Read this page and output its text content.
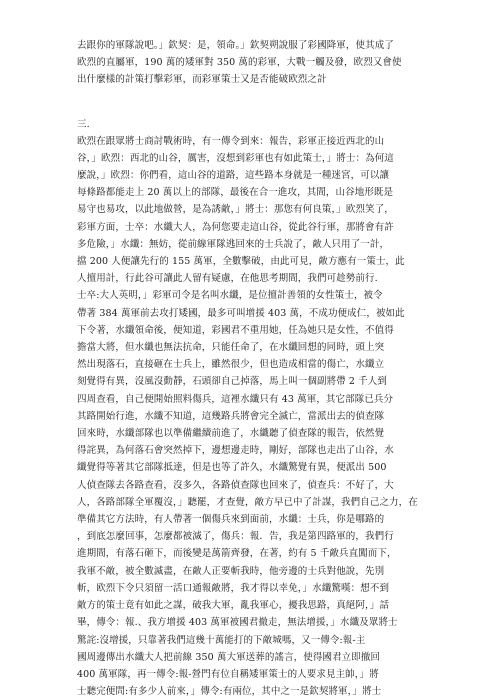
去跟你的軍隊說吧。」欽契：是，領命。」欽契朔說服了彩國降軍，使其成了
欧烈的直屬軍，190 萬的矮軍對 350 萬的彩軍，大戰一觸及發，欧烈又會使
出什麼樣的計策打擊彩軍，而彩軍策士又是否能破欧烈之計

三.

欧烈在跟眾將士商討戰術時，有一傳令到來：報告，彩軍正接近西北的山
谷，」欧烈：西北的山谷，厲害，沒想到彩軍也有如此策士，」將士：為何這
麼說，」欧烈：你們看，這山谷的道路，這些路本身就是一種迷宮，可以讓
每條路都能走上 20 萬以上的部隊，最後在合一進攻，其間，山谷地形既是
易守也易攻，以此地做營，是為誘敵，」將士：那您有何良策，」欧烈笑了，
彩軍方面，士卒：水纖大人，為何您要走這山谷，從此谷行軍，那將會有許
多危險，」水纖：無妨，從前線軍隊逃回來的士兵說了，敵人只用了一計，
擋 200 人便讓先行的 155 萬軍，全數擊破，由此可見，敵方應有一策士，此
人擅用計，行此谷可讓此人留有疑慮，在他思考期間，我們可趁勢前行.
士卒:大人英明，」彩軍司令是名叫水纖，是位擅計善領的女性策士，被令
帶著 384 萬軍前去攻打矮國，最多可叫增援 403 萬，不成功便成仁，被如此
下令著，水纖領命後，便知道，彩國君不重用她，任為她只是女性，不值得
擔當大將，但水纖也無法抗命，只能任命了，在水纖回想的同時，頭上突
然出現落石，直接砸在士兵上，雖然很少，但也造成相當的傷亡，水纖立
刻覺得有異，沒風沒動靜，石頭卻自己掉落，馬上叫一個副將帶 2 千人到
四周查看，自己便開始照料傷兵，這裡水纖只有 43 萬軍，其它部隊已兵分
其路開始行進，水纖不知道，這幾路兵將會完全滅亡，當派出去的偵查隊
回來時，水纖部隊也以準備繼續前進了，水纖聽了偵查隊的報告，依然覺
得詫異，為何落石會突然掉下，邊想邊走時，剛好，部隊也走出了山谷，水
纖覺得等著其它部隊抵達，但是也等了許久，水纖驚覺有異，便派出 500
人偵查隊去各路查看，沒多久，各路偵查隊也回來了，偵查兵：不好了，大
人，各路部隊全軍覆沒，」聽罷，才查覺，敵方早已中了計謀，我們自己之力，在
準備其它方法時，有人帶著一個傷兵來到面前，水纖：士兵，你是哪路的
，到底怎麼回事，怎麼都被滅了，傷兵：報．告，我是第四路軍的，我們行
進期間，有落石砸下，而後變是萬箭齊發，在著，約有 5 千敵兵直闖而下，
我軍不敵，被全數滅盡，在敵人正要斬我時，他旁邊的士兵對他說，先別
斬，欧烈下令只須留一活口通報敵將，我才得以幸免，」水纖驚嘆：想不到
敵方的策士竟有如此之謀，破我大軍，亂我軍心，擾我思路，真絕阿，」話
畢，傳令：報.、我方增援 403 萬軍被國君撤走，無法增援，」水纖及眾將士
驚詫:沒增援，只靠著我們這幾十萬能打的下敵城嗎，又一傳令:報-主
國周邊傳出水纖大人把前線 350 萬大軍送葬的謠言，使得國君立即撤回
400 萬軍隊，再一傳令:報-營門有位自稱矮軍策士的人要求見主帥，」將
士聽完便問:有多少人前來，」傳令:有兩位，其中之一是欽契將軍，」將士
